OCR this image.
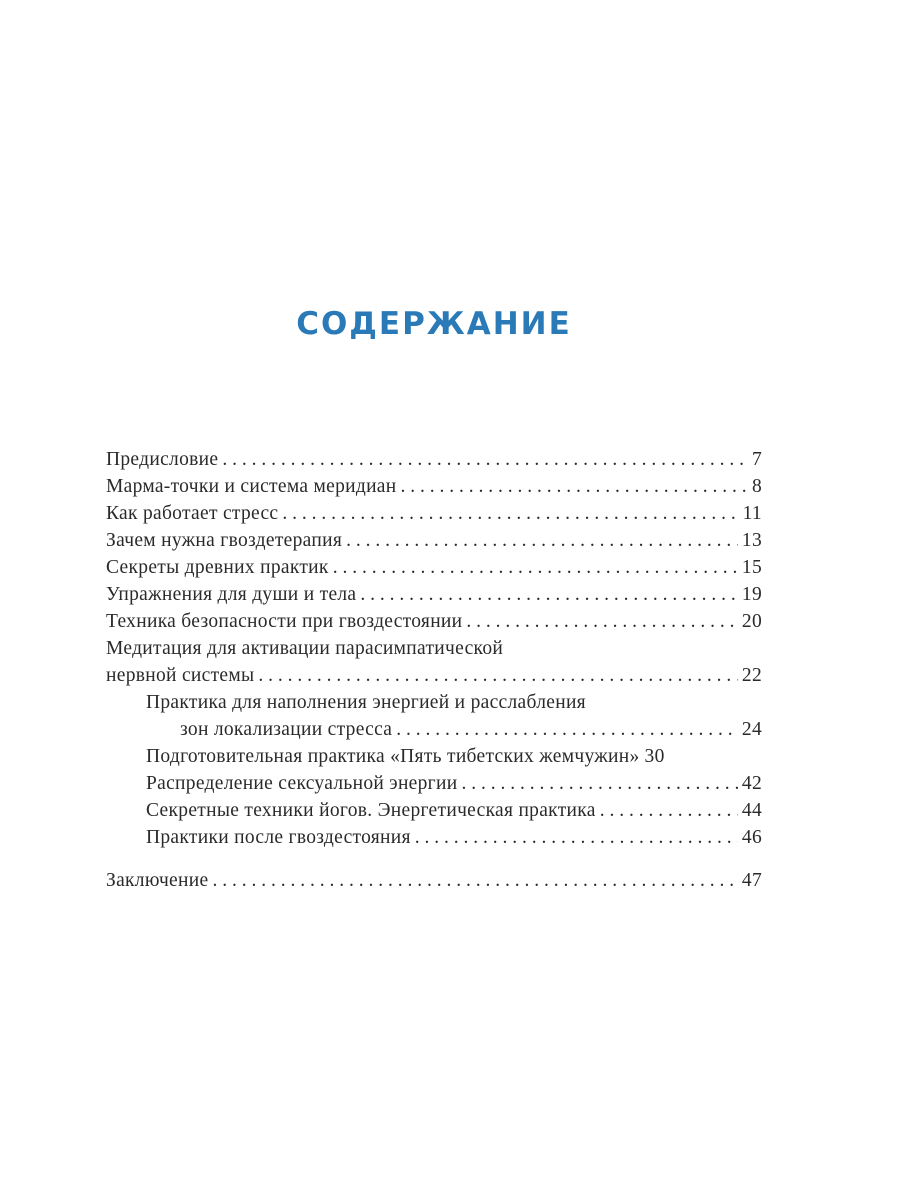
СОДЕРЖАНИЕ
Предисловие . . .	7
Марма-точки и система меридиан . . .	8
Как работает стресс . . .	11
Зачем нужна гвоздетерапия . . .	13
Секреты древних практик . . .	15
Упражнения для души и тела . . .	19
Техника безопасности при гвоздестоянии . . .	20
Медитация для активации парасимпатической
нервной системы . . .	22
Практика для наполнения энергией и расслабления
зон локализации стресса . . .	24
Подготовительная практика «Пять тибетских жемчужин» 30
Распределение сексуальной энергии . . .	42
Секретные техники йогов. Энергетическая практика . . .	44
Практики после гвоздестояния . . .	46
Заключение . . .	47
